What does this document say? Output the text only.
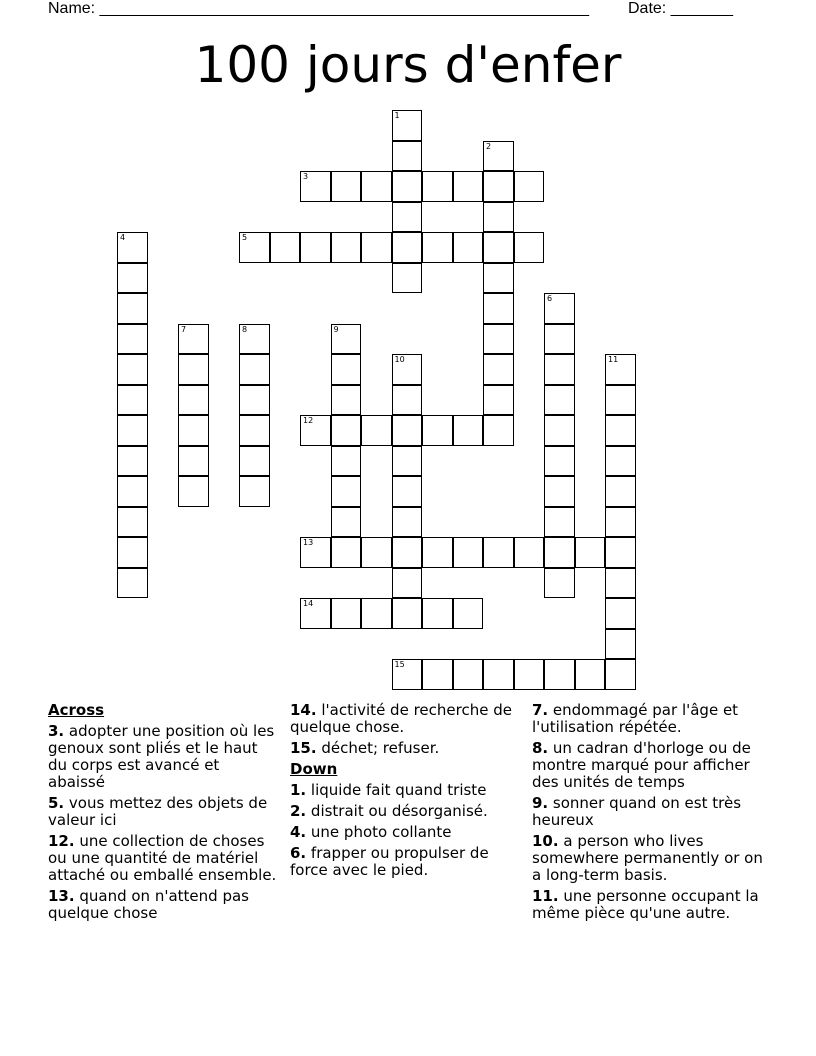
Name: _______________________________________________________ Date: _______
100 jours d'enfer
1
2
3
4	5
6
7	8	9
10	11
12
13
14
15
Across
3. adopter une position où les genoux sont pliés et le haut du corps est avancé et abaissé
5. vous mettez des objets de valeur ici
12. une collection de choses ou une quantité de matériel attaché ou emballé ensemble.
13. quand on n'attend pas quelque chose
14. l'activité de recherche de quelque chose.
15. déchet; refuser.
Down
1. liquide fait quand triste
2. distrait ou désorganisé.
4. une photo collante
6. frapper ou propulser de force avec le pied.
7. endommagé par l'âge et l'utilisation répétée.
8. un cadran d'horloge ou de montre marqué pour afficher des unités de temps
9. sonner quand on est très heureux
10. a person who lives somewhere permanently or on a long-term basis.
11. une personne occupant la même pièce qu'une autre.
